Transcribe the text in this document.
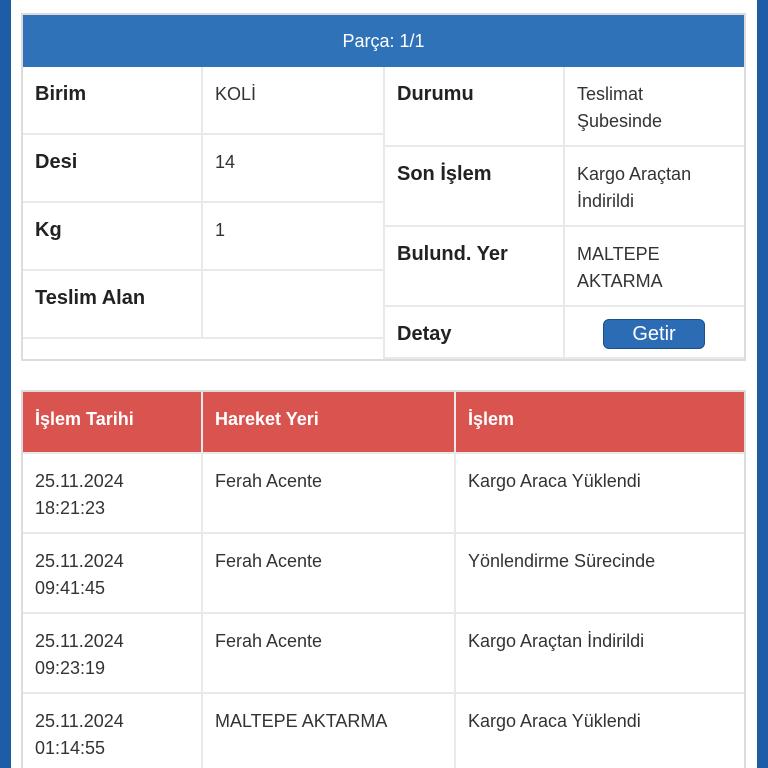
Parça: 1/1
Birim	KOLİ
Desi	14
Kg	1
Teslim Alan
Durumu	Teslimat Şubesinde
Son İşlem	Kargo Araçtan İndirildi
Bulund. Yer	MALTEPE AKTARMA
Detay	Getir
İşlem Tarihi	Hareket Yeri	İşlem
25.11.2024
18:21:23
Ferah Acente	Kargo Araca Yüklendi
25.11.2024
09:41:45
Ferah Acente	Yönlendirme Sürecinde
25.11.2024
09:23:19
Ferah Acente	Kargo Araçtan İndirildi
25.11.2024
01:14:55
MALTEPE AKTARMA	Kargo Araca Yüklendi
